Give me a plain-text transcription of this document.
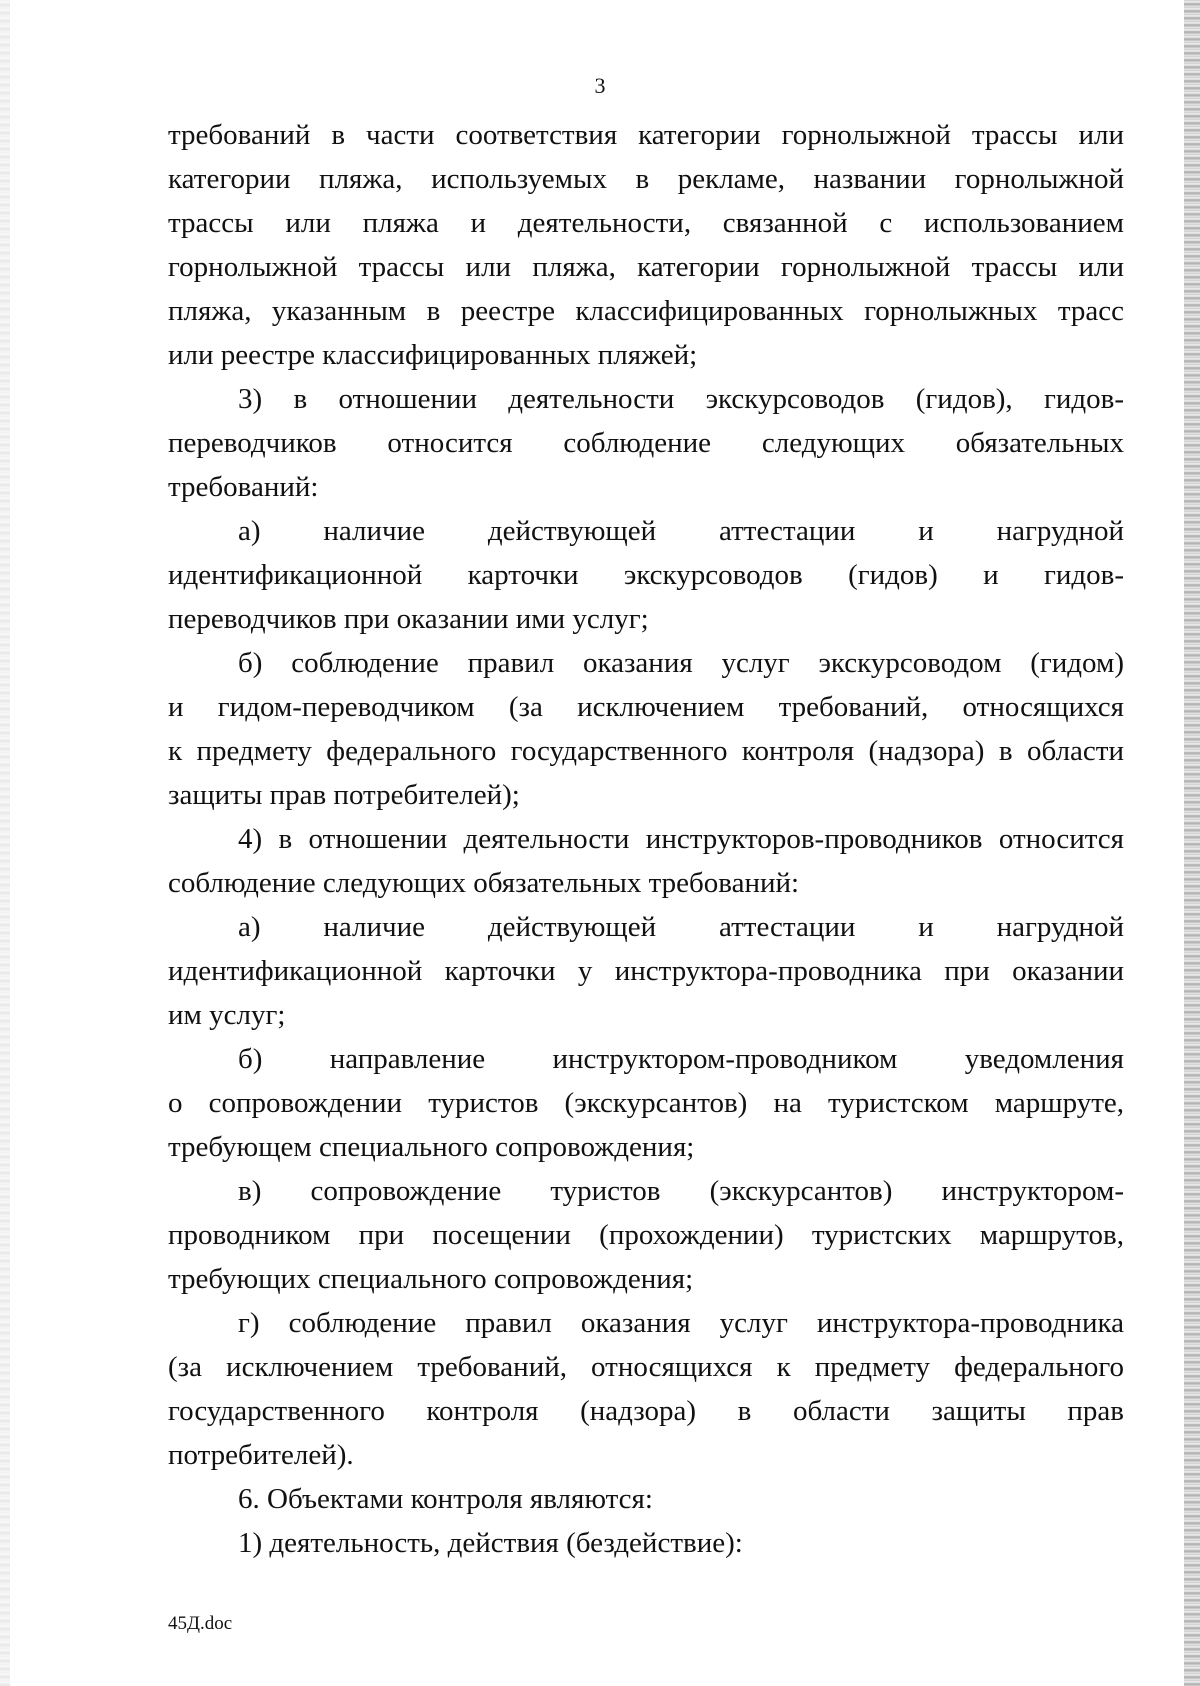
3

требований в части соответствия категории горнолыжной трассы или
категории пляжа, используемых в рекламе, названии горнолыжной
трассы или пляжа и деятельности, связанной с использованием
горнолыжной трассы или пляжа, категории горнолыжной трассы или
пляжа, указанным в реестре классифицированных горнолыжных трасс
или реестре классифицированных пляжей;
3) в отношении деятельности экскурсоводов (гидов), гидов-
переводчиков относится соблюдение следующих обязательных
требований:
а) наличие действующей аттестации и нагрудной
идентификационной карточки экскурсоводов (гидов) и гидов-
переводчиков при оказании ими услуг;
б) соблюдение правил оказания услуг экскурсоводом (гидом)
и гидом-переводчиком (за исключением требований, относящихся
к предмету федерального государственного контроля (надзора) в области
защиты прав потребителей);
4) в отношении деятельности инструкторов-проводников относится
соблюдение следующих обязательных требований:
а) наличие действующей аттестации и нагрудной
идентификационной карточки у инструктора-проводника при оказании
им услуг;
б) направление инструктором-проводником уведомления
о сопровождении туристов (экскурсантов) на туристском маршруте,
требующем специального сопровождения;
в) сопровождение туристов (экскурсантов) инструктором-
проводником при посещении (прохождении) туристских маршрутов,
требующих специального сопровождения;
г) соблюдение правил оказания услуг инструктора-проводника
(за исключением требований, относящихся к предмету федерального
государственного контроля (надзора) в области защиты прав
потребителей).
6. Объектами контроля являются:
1) деятельность, действия (бездействие):

45Д.doc
